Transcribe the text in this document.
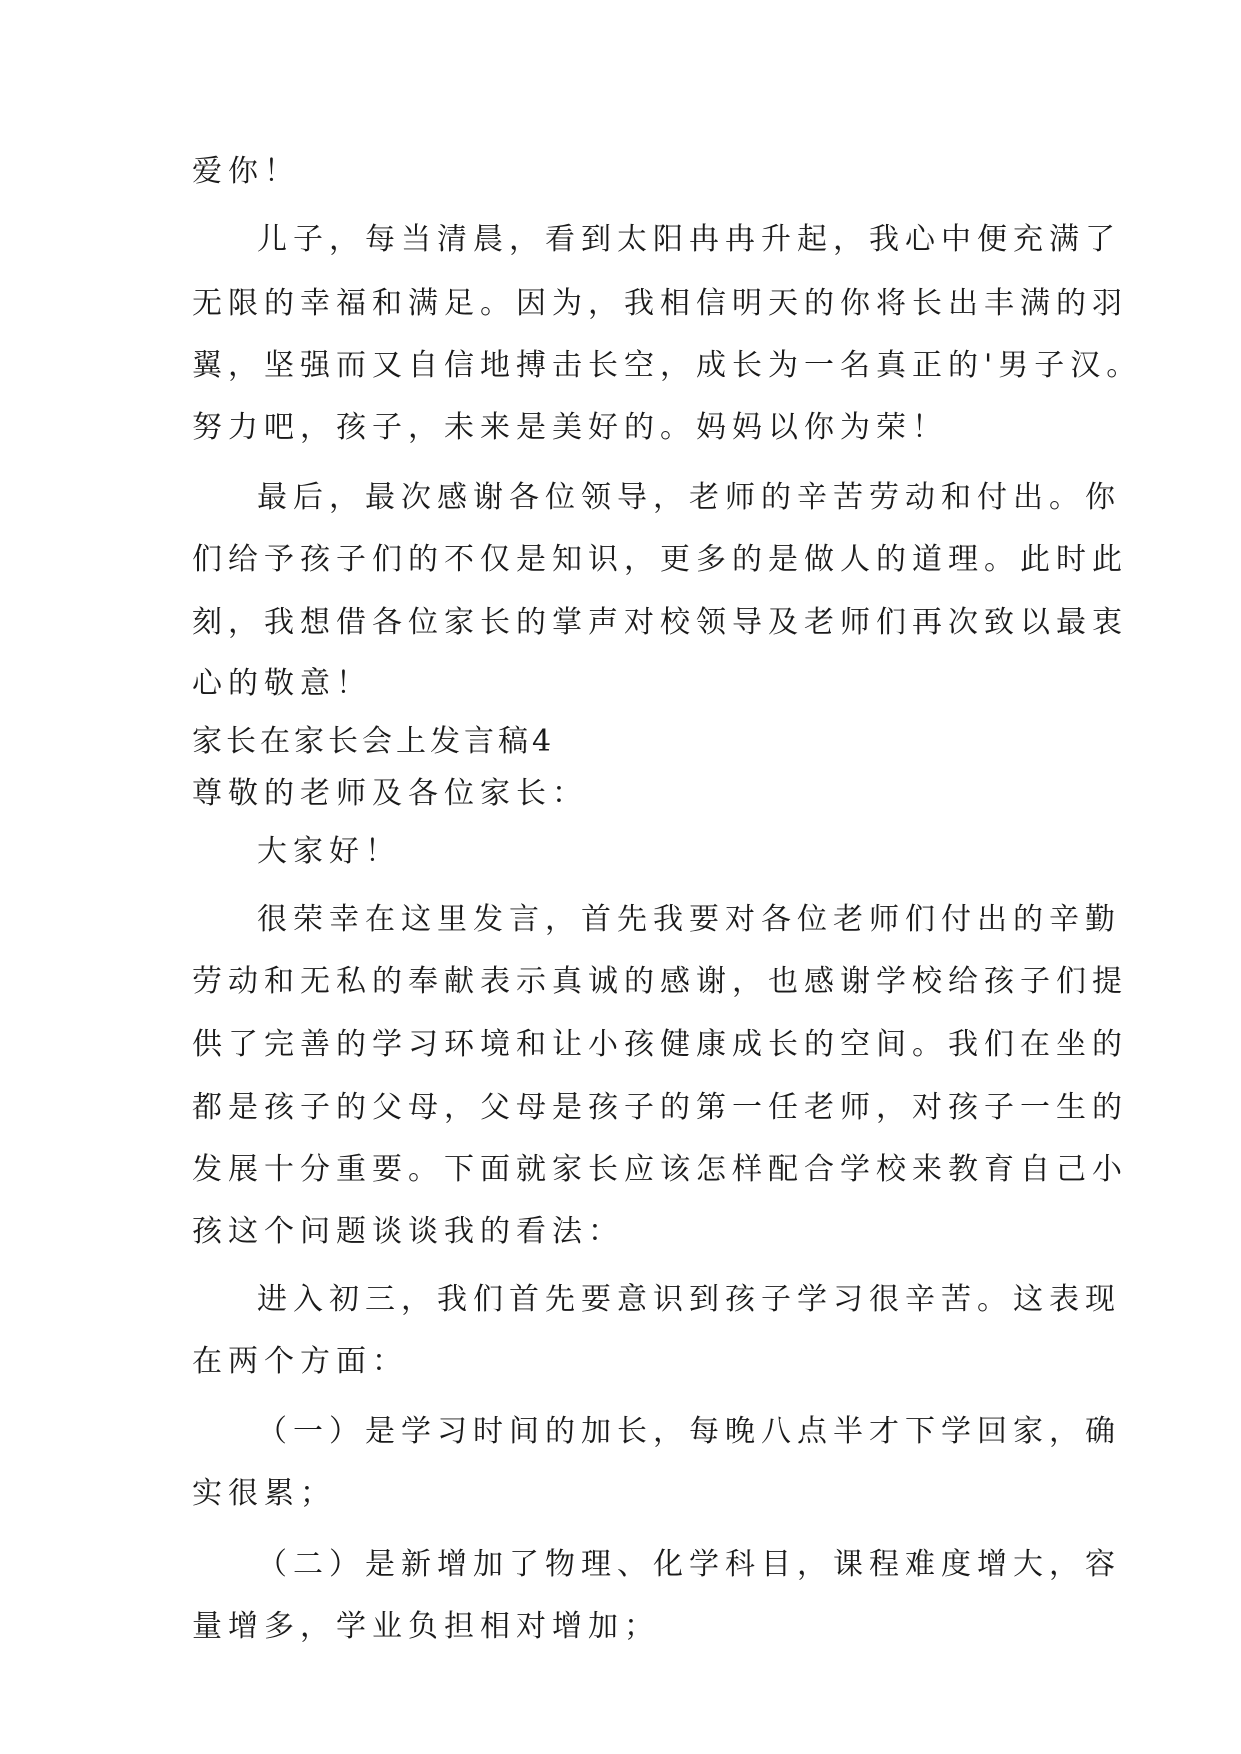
爱你！
儿子，每当清晨，看到太阳冉冉升起，我心中便充满了
无限的幸福和满足。因为，我相信明天的你将长出丰满的羽
翼，坚强而又自信地搏击长空，成长为一名真正的'男子汉。
努力吧，孩子，未来是美好的。妈妈以你为荣！
最后，最次感谢各位领导，老师的辛苦劳动和付出。你
们给予孩子们的不仅是知识，更多的是做人的道理。此时此
刻，我想借各位家长的掌声对校领导及老师们再次致以最衷
心的敬意！
家长在家长会上发言稿4
尊敬的老师及各位家长：
大家好！
很荣幸在这里发言，首先我要对各位老师们付出的辛勤
劳动和无私的奉献表示真诚的感谢，也感谢学校给孩子们提
供了完善的学习环境和让小孩健康成长的空间。我们在坐的
都是孩子的父母，父母是孩子的第一任老师，对孩子一生的
发展十分重要。下面就家长应该怎样配合学校来教育自己小
孩这个问题谈谈我的看法：
进入初三，我们首先要意识到孩子学习很辛苦。这表现
在两个方面：
（一）是学习时间的加长，每晚八点半才下学回家，确
实很累；
（二）是新增加了物理、化学科目，课程难度增大，容
量增多，学业负担相对增加；
